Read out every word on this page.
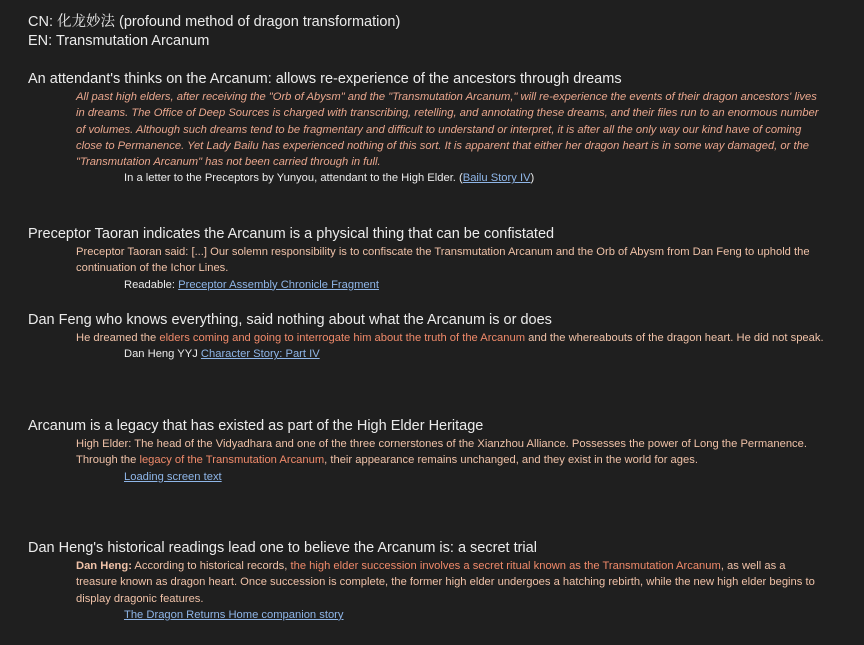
CN: 化龙妙法 (profound method of dragon transformation)
EN: Transmutation Arcanum
An attendant's thinks on the Arcanum: allows re-experience of the ancestors through dreams
All past high elders, after receiving the "Orb of Abysm" and the "Transmutation Arcanum," will re-experience the events of their dragon ancestors' lives in dreams. The Office of Deep Sources is charged with transcribing, retelling, and annotating these dreams, and their files run to an enormous number of volumes. Although such dreams tend to be fragmentary and difficult to understand or interpret, it is after all the only way our kind have of coming close to Permanence. Yet Lady Bailu has experienced nothing of this sort. It is apparent that either her dragon heart is in some way damaged, or the "Transmutation Arcanum" has not been carried through in full.
In a letter to the Preceptors by Yunyou, attendant to the High Elder. (Bailu Story IV)
Preceptor Taoran indicates the Arcanum is a physical thing that can be confistated
Preceptor Taoran said: [...] Our solemn responsibility is to confiscate the Transmutation Arcanum and the Orb of Abysm from Dan Feng to uphold the continuation of the Ichor Lines.
Readable: Preceptor Assembly Chronicle Fragment
Dan Feng who knows everything, said nothing about what the Arcanum is or does
He dreamed the elders coming and going to interrogate him about the truth of the Arcanum and the whereabouts of the dragon heart. He did not speak.
Dan Heng YYJ Character Story: Part IV
Arcanum is a legacy that has existed as part of the High Elder Heritage
High Elder: The head of the Vidyadhara and one of the three cornerstones of the Xianzhou Alliance. Possesses the power of Long the Permanence. Through the legacy of the Transmutation Arcanum, their appearance remains unchanged, and they exist in the world for ages.
Loading screen text
Dan Heng's historical readings lead one to believe the Arcanum is: a secret trial
Dan Heng: According to historical records, the high elder succession involves a secret ritual known as the Transmutation Arcanum, as well as a treasure known as dragon heart. Once succession is complete, the former high elder undergoes a hatching rebirth, while the new high elder begins to display dragonic features.
The Dragon Returns Home companion story
